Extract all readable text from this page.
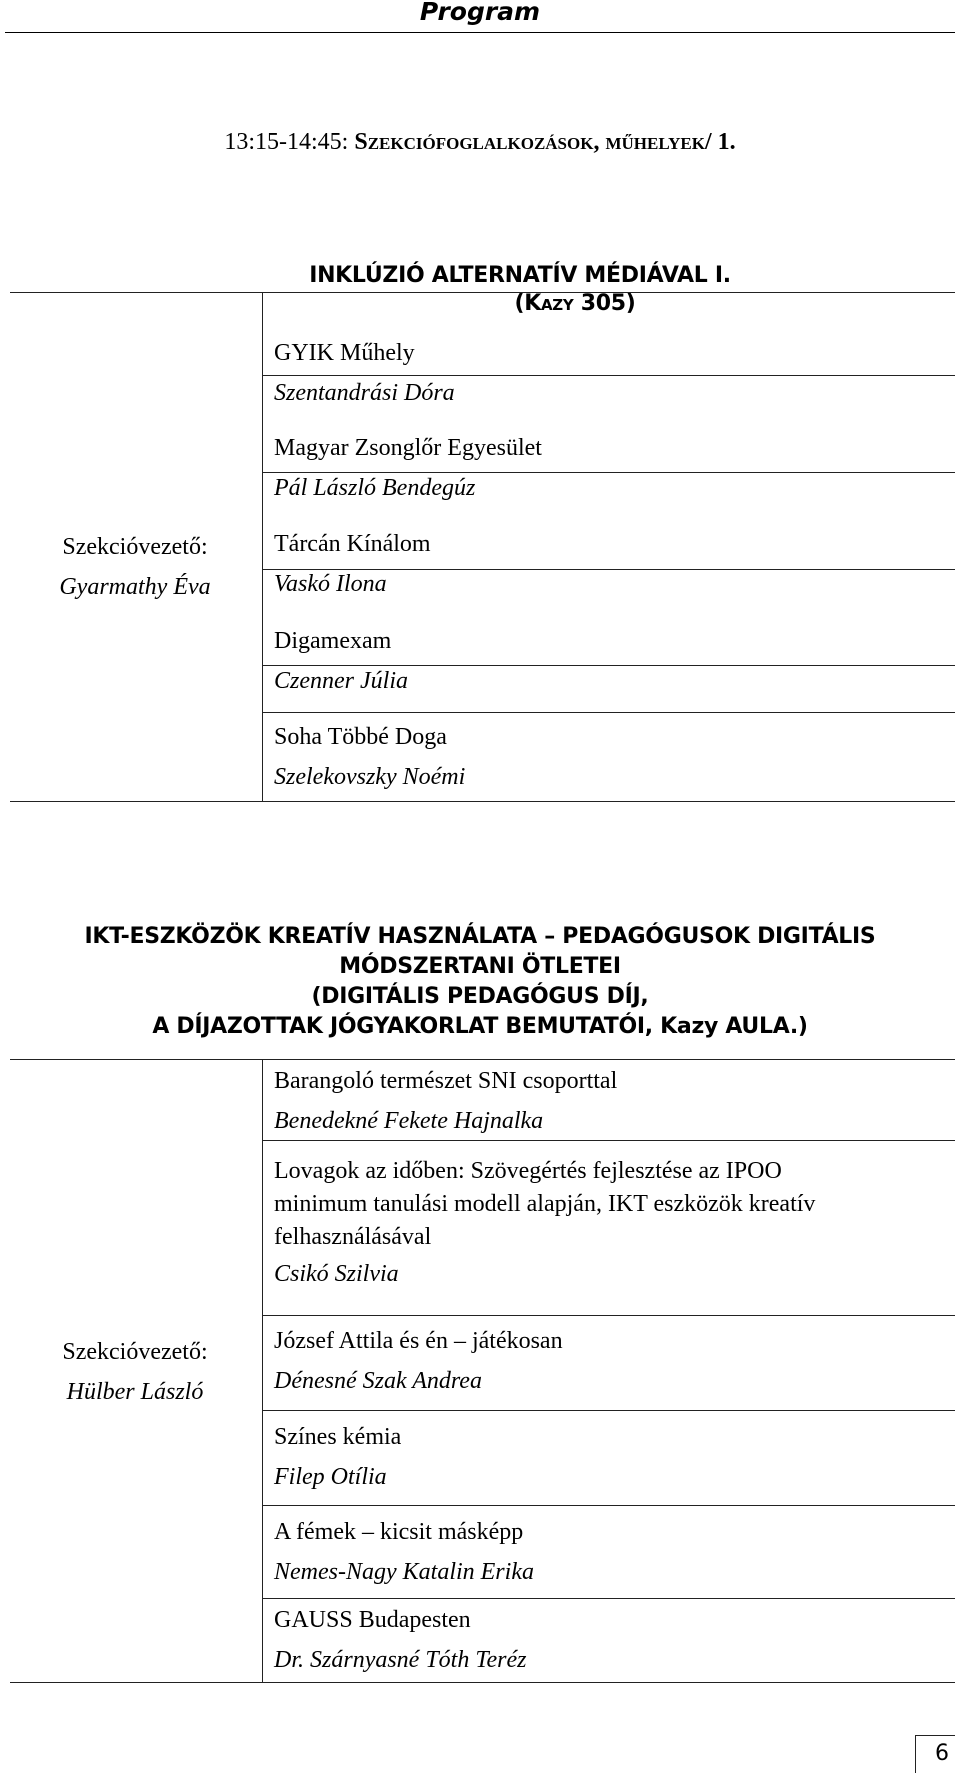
Program
13:15-14:45: Szekciófoglalkozások, műhelyek/ 1.
INKLÚZIÓ ALTERNATÍV MÉDIÁVAL I.
(Kazy 305)
Szekcióvezető:
Gyarmathy Éva
GYIK Műhely
Szentandrási Dóra
Magyar Zsonglőr Egyesület
Pál László Bendegúz
Tárcán Kínálom
Vaskó Ilona
Digamexam
Czenner Júlia
Soha Többé Doga
Szelekovszky Noémi
IKT-ESZKÖZÖK KREATÍV HASZNÁLATA – PEDAGÓGUSOK DIGITÁLIS
MÓDSZERTANI ÖTLETEI
(DIGITÁLIS PEDAGÓGUS DÍJ,
A DÍJAZOTTAK JÓGYAKORLAT BEMUTATÓI, Kazy AULA.)
Szekcióvezető:
Hülber László
Barangoló természet SNI csoporttal
Benedekné Fekete Hajnalka
Lovagok az időben: Szövegértés fejlesztése az IPOO
minimum tanulási modell alapján, IKT eszközök kreatív
felhasználásával
Csikó Szilvia
József Attila és én – játékosan
Dénesné Szak Andrea
Színes kémia
Filep Otília
A fémek – kicsit másképp
Nemes-Nagy Katalin Erika
GAUSS Budapesten
Dr. Szárnyasné Tóth Teréz
6
